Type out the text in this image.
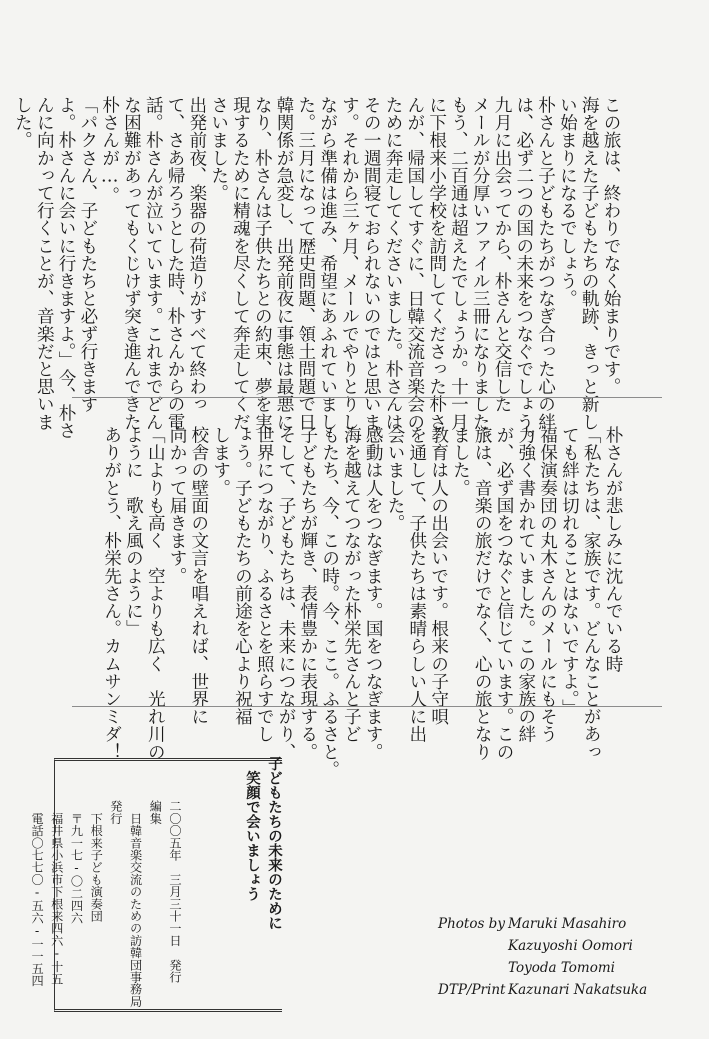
この旅は、終わりでなく始まりです。
海を越えた子どもたちの軌跡、きっと新し
い始まりになるでしょう。
朴さんと子どもたちがつなぎ合った心の絆
は、必ず二つの国の未来をつなぐでしょう。
九月に出会ってから、朴さんと交信した
メールが分厚いファイル三冊になりました。
もう、二百通は超えたでしょうか。十一月
に下根来小学校を訪問してくださった朴さ
んが、帰国してすぐに、日韓交流音楽会の
ために奔走してくださいました。朴さんは
その一週間寝ておられないのではと思いま
す。それから三ヶ月、メールでやりとりし
ながら準備は進み、希望にあふれていまし
た。三月になって歴史問題、領土問題で日
韓関係が急変し、出発前夜に事態は最悪に
なり、朴さんは子供たちとの約束、夢を実
現するために精魂を尽くして奔走してくだ
さいました。
出発前夜、楽器の荷造りがすべて終わっ
て、さあ帰ろうとした時、朴さんからの電
話。朴さんが泣いています。これまでどん
な困難があってもくじけず突き進んできた
朴さんが…。
「パクさん、子どもたちと必ず行きます
よ。朴さんに会いに行きますよ。」今、朴さ
んに向かって行くことが、音楽だと思いま
した。
朴さんが悲しみに沈んでいる時
「私たちは、家族です。どんなことがあっ
ても絆は切れることはないですよ。」
福保演奏団の丸木さんのメールにもそう
力強く書かれていました。この家族の絆
が、必ず国をつなぐと信じています。この
旅は、音楽の旅だけでなく、心の旅となり
ました。
教育は人の出会いです。根来の子守唄
を通して、子供たちは素晴らしい人に出
会いました。
感動は人をつなぎます。国をつなぎます。
海を越えてつながった朴栄先さんと子ど
もたち、今、この時。今、ここ。ふるさと。
子どもたちが輝き、表情豊かに表現する。
そして、子どもたちは、未来につながり、
世界につながり、ふるさとを照らすでし
ょう。子どもたちの前途を心より祝福
します。
校舎の壁面の文言を唱えれば、世界に
向かって届きます。
「山よりも高く　空よりも広く　光れ川の
ように　歌え風のように」
ありがとう、朴栄先さん。カムサンミダ！
子どもたちの未来のために
　笑顔で会いましょう
二〇〇五年　三月三十一日　発行
編集
　日韓音楽交流のための訪韓団事務局
発行
　下根来子ども演奏団
　〒九一七-〇二四六
　福井県小浜市下根来四六-十五
　電話〇七七〇-五六-一一五四	Photos by Maruki Masahiro
Kazuyoshi Oomori
Toyoda Tomomi
DTP/Print Kazunari Nakatsuka
